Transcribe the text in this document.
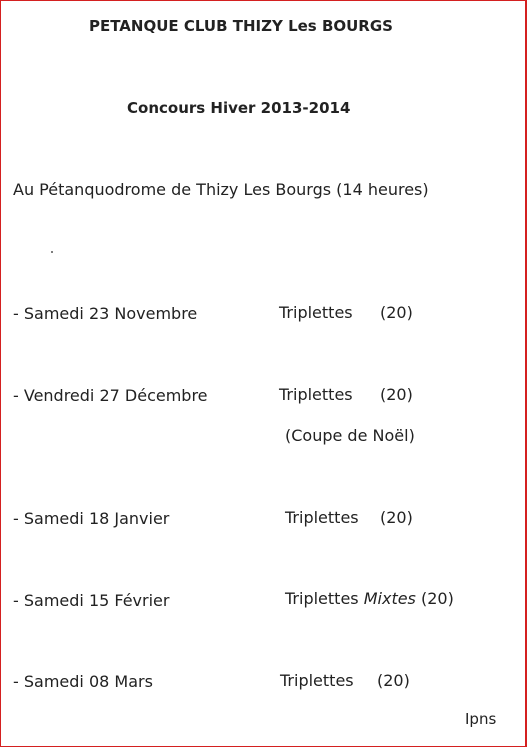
PETANQUE CLUB THIZY Les BOURGS
Concours Hiver 2013-2014
Au Pétanquodrome de Thizy Les Bourgs (14 heures)
- Samedi 23 Novembre	Triplettes (20)
- Vendredi 27 Décembre	Triplettes (20)
(Coupe de Noël)
- Samedi 18 Janvier	Triplettes (20)
- Samedi 15 Février	Triplettes Mixtes (20)
- Samedi 08 Mars	Triplettes (20)
Ipns
